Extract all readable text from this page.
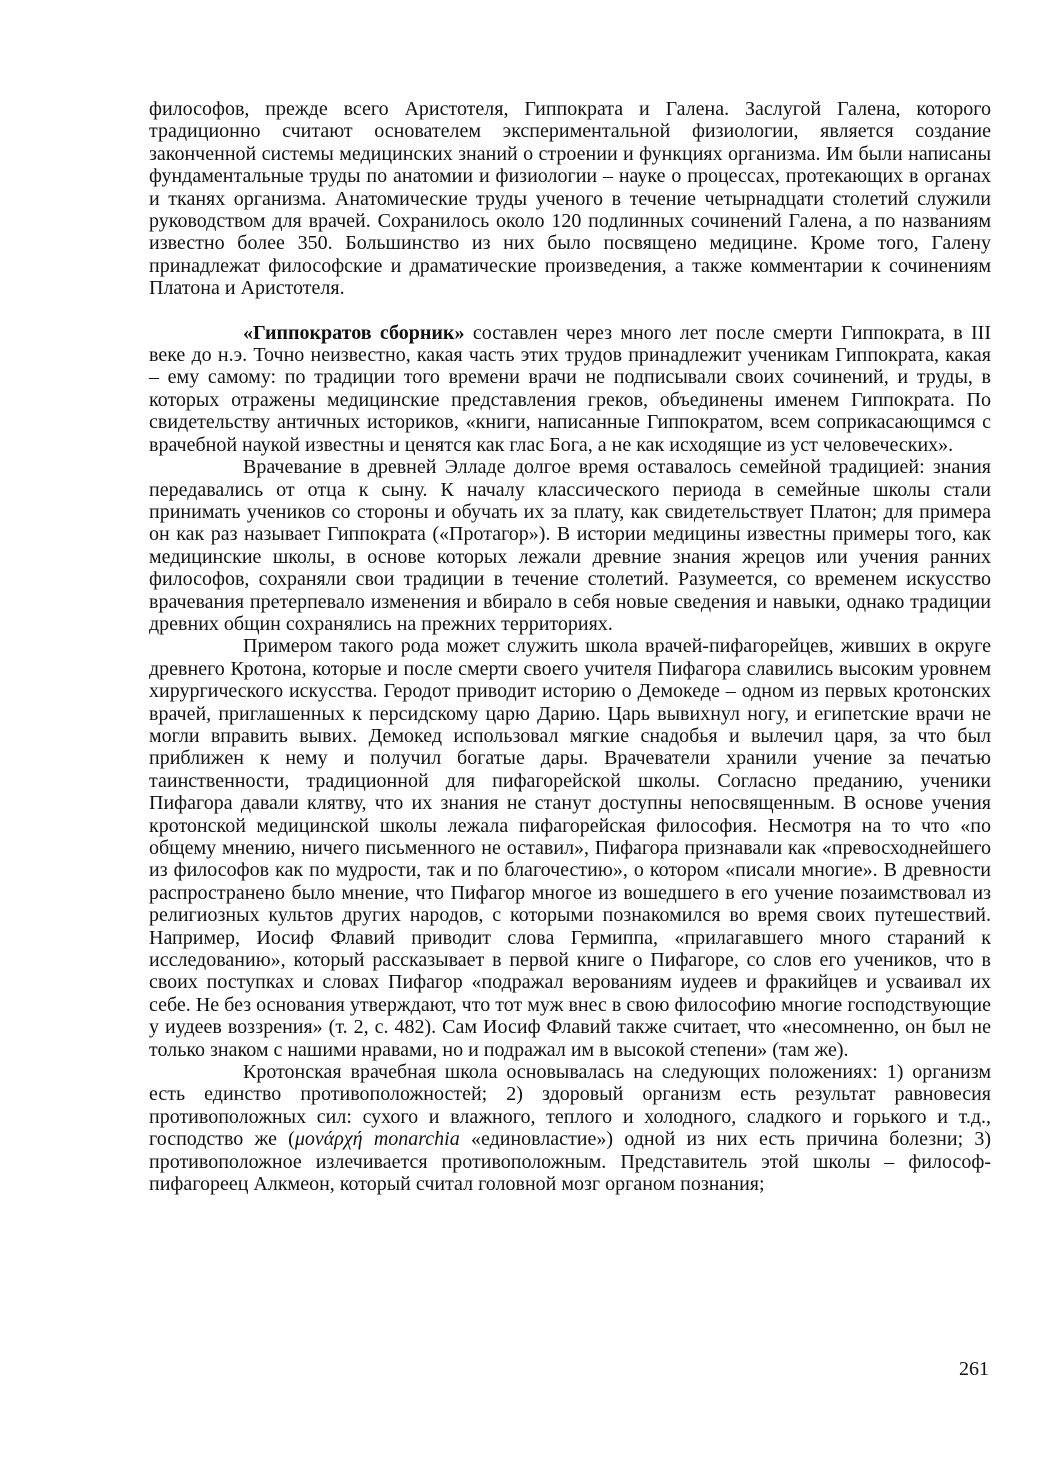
философов, прежде всего Аристотеля, Гиппократа и Галена. Заслугой Галена, которого традиционно считают основателем экспериментальной физиологии, является создание законченной системы медицинских знаний о строении и функциях организма. Им были написаны фундаментальные труды по анатомии и физиологии – науке о процессах, протекающих в органах и тканях организма. Анатомические труды ученого в течение четырнадцати столетий служили руководством для врачей. Сохранилось около 120 подлинных сочинений Галена, а по названиям известно более 350. Большинство из них было посвящено медицине. Кроме того, Галену принадлежат философские и драматические произведения, а также комментарии к сочинениям Платона и Аристотеля.

«Гиппократов сборник» составлен через много лет после смерти Гиппократа, в III веке до н.э. Точно неизвестно, какая часть этих трудов принадлежит ученикам Гиппократа, какая – ему самому: по традиции того времени врачи не подписывали своих сочинений, и труды, в которых отражены медицинские представления греков, объединены именем Гиппократа. По свидетельству античных историков, «книги, написанные Гиппократом, всем соприкасающимся с врачебной наукой известны и ценятся как глас Бога, а не как исходящие из уст человеческих».

Врачевание в древней Элладе долгое время оставалось семейной традицией: знания передавались от отца к сыну. К началу классического периода в семейные школы стали принимать учеников со стороны и обучать их за плату, как свидетельствует Платон; для примера он как раз называет Гиппократа («Протагор»). В истории медицины известны примеры того, как медицинские школы, в основе которых лежали древние знания жрецов или учения ранних философов, сохраняли свои традиции в течение столетий. Разумеется, со временем искусство врачевания претерпевало изменения и вбирало в себя новые сведения и навыки, однако традиции древних общин сохранялись на прежних территориях.

Примером такого рода может служить школа врачей-пифагорейцев, живших в округе древнего Кротона, которые и после смерти своего учителя Пифагора славились высоким уровнем хирургического искусства. Геродот приводит историю о Демокеде – одном из первых кротонских врачей, приглашенных к персидскому царю Дарию. Царь вывихнул ногу, и египетские врачи не могли вправить вывих. Демокед использовал мягкие снадобья и вылечил царя, за что был приближен к нему и получил богатые дары. Врачеватели хранили учение за печатью таинственности, традиционной для пифагорейской школы. Согласно преданию, ученики Пифагора давали клятву, что их знания не станут доступны непосвященным. В основе учения кротонской медицинской школы лежала пифагорейская философия. Несмотря на то что «по общему мнению, ничего письменного не оставил», Пифагора признавали как «превосходнейшего из философов как по мудрости, так и по благочестию», о котором «писали многие». В древности распространено было мнение, что Пифагор многое из вошедшего в его учение позаимствовал из религиозных культов других народов, с которыми познакомился во время своих путешествий. Например, Иосиф Флавий приводит слова Гермиппа, «прилагавшего много стараний к исследованию», который рассказывает в первой книге о Пифагоре, со слов его учеников, что в своих поступках и словах Пифагор «подражал верованиям иудеев и фракийцев и усваивал их себе. Не без основания утверждают, что тот муж внес в свою философию многие господствующие у иудеев воззрения» (т. 2, с. 482). Сам Иосиф Флавий также считает, что «несомненно, он был не только знаком с нашими нравами, но и подражал им в высокой степени» (там же).

Кротонская врачебная школа основывалась на следующих положениях: 1) организм есть единство противоположностей; 2) здоровый организм есть результат равновесия противоположных сил: сухого и влажного, теплого и холодного, сладкого и горького и т.д., господство же (μονάρχή monarchia «единовластие») одной из них есть причина болезни; 3) противоположное излечивается противоположным. Представитель этой школы – философ-пифагореец Алкмеон, который считал головной мозг органом познания;

261
